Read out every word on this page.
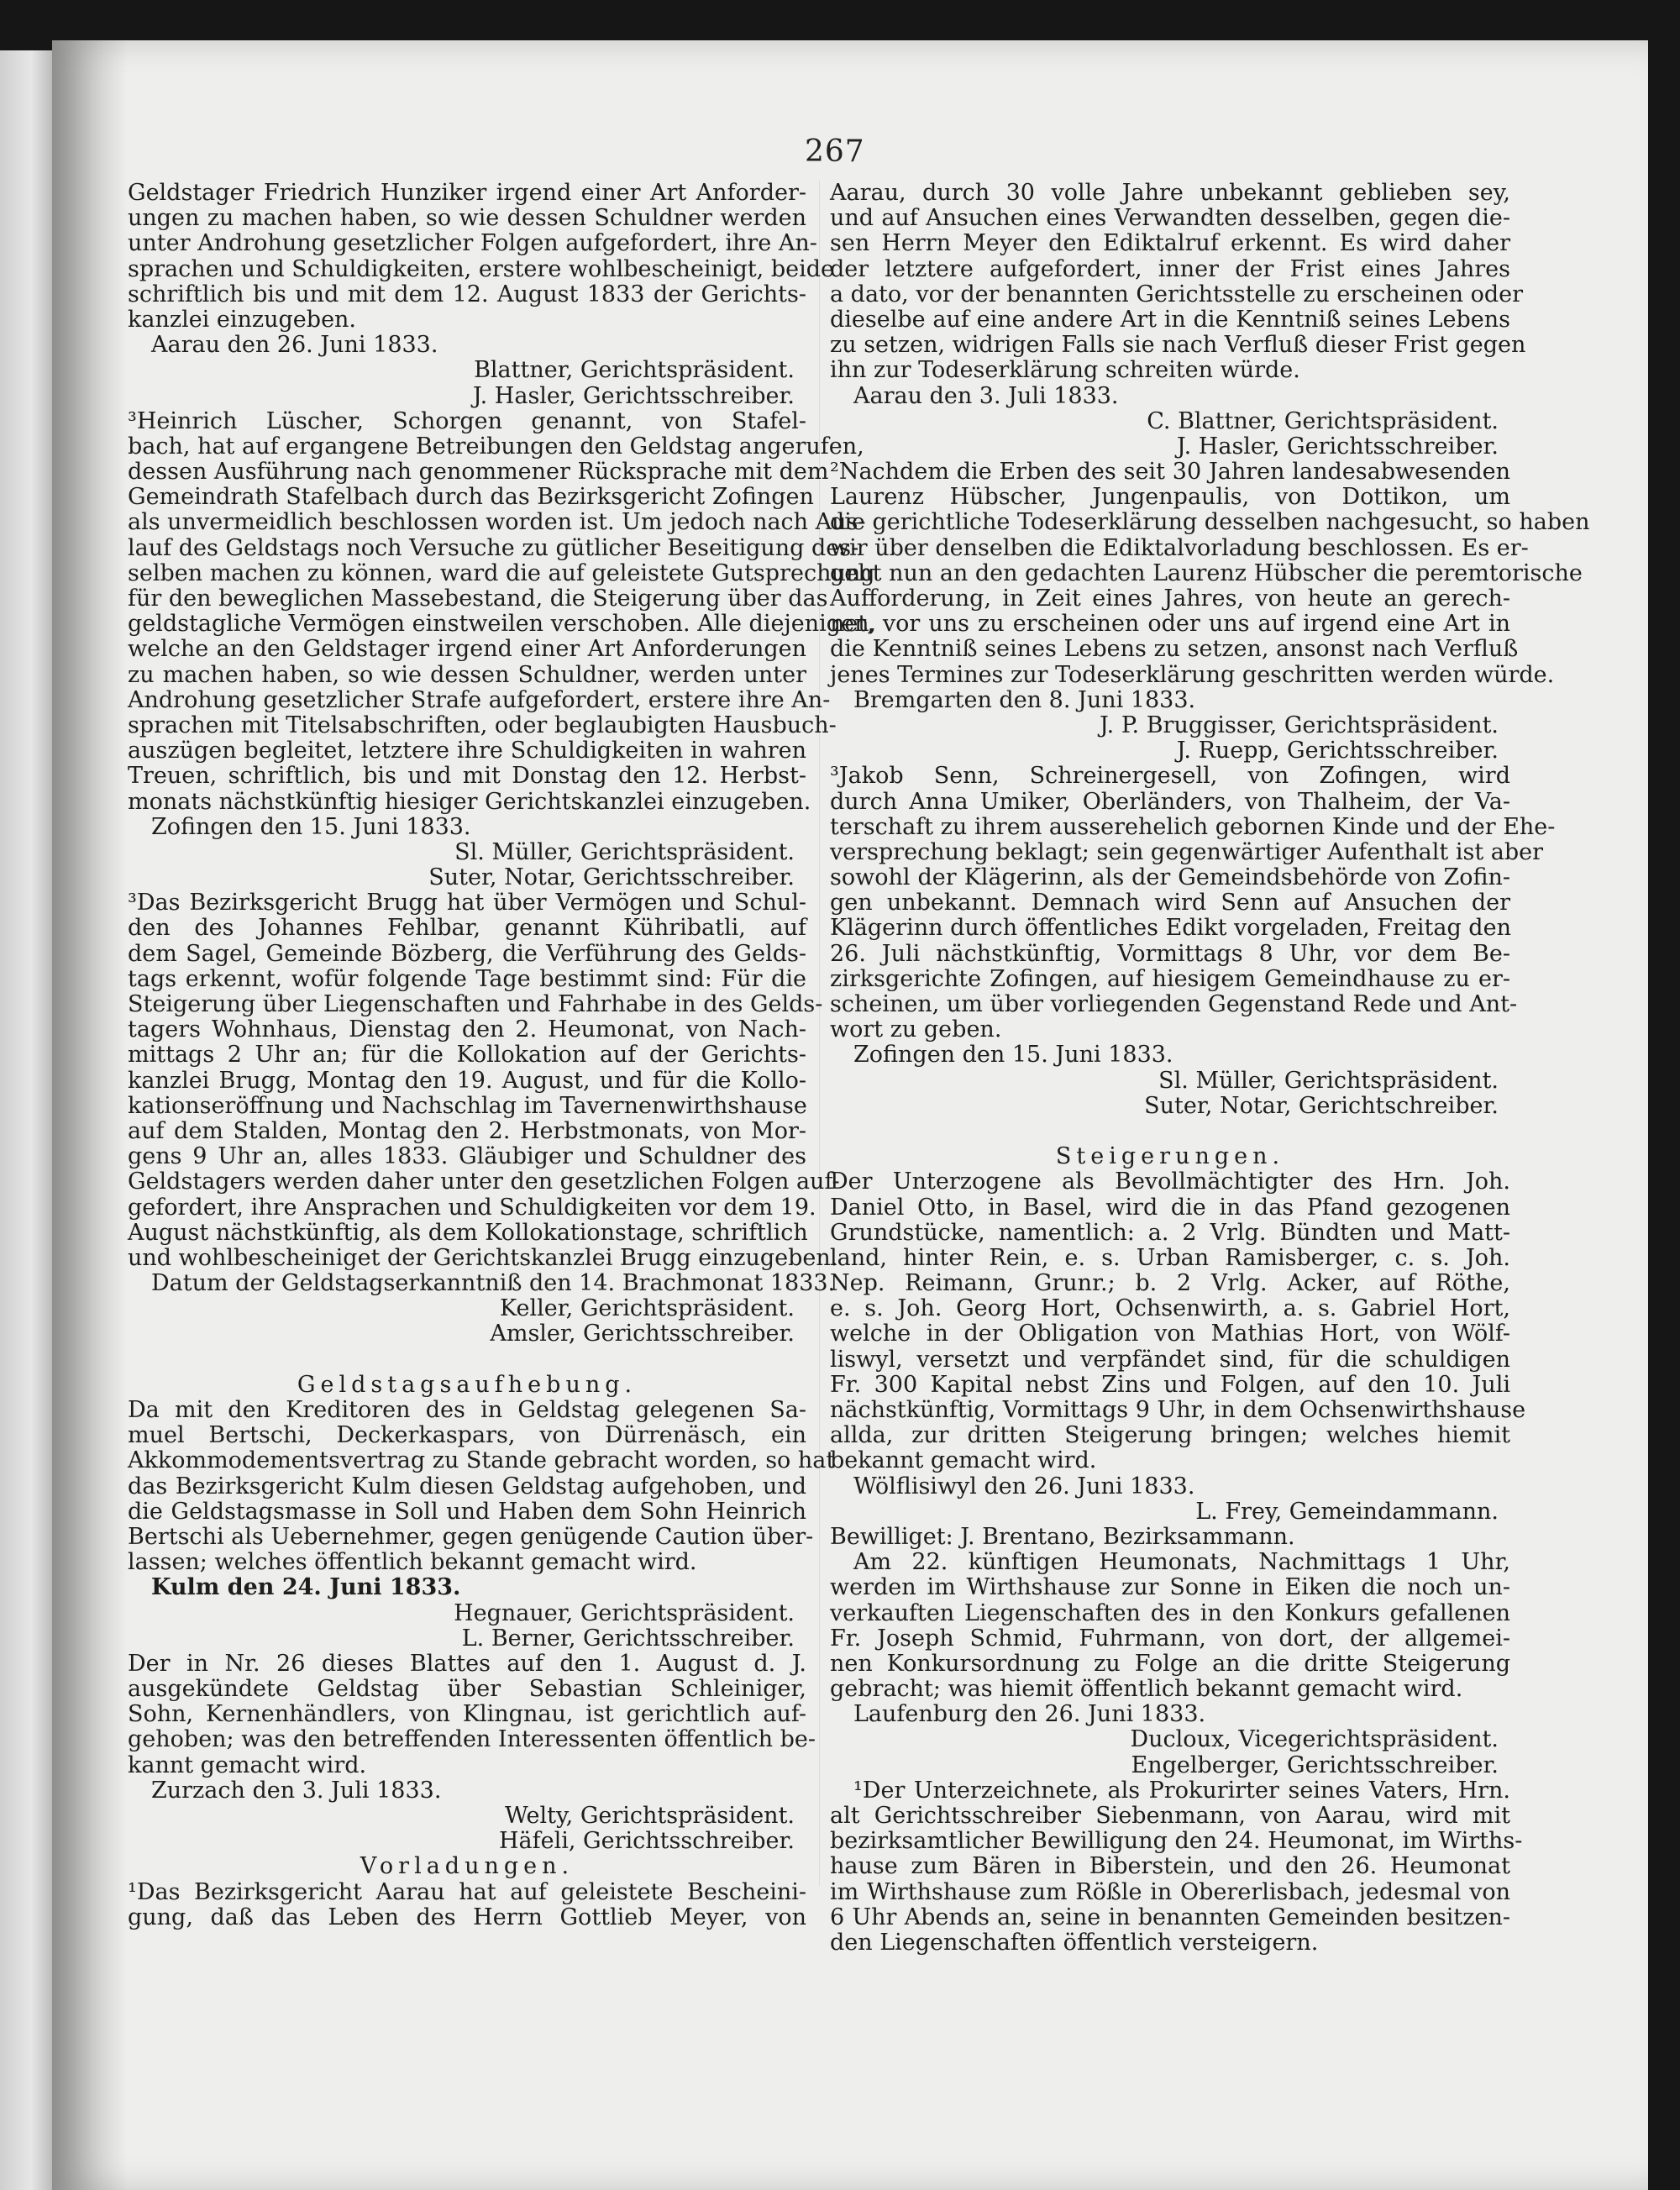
267
Geldstager Friedrich Hunziker irgend einer Art Anforder-
ungen zu machen haben, so wie dessen Schuldner werden
unter Androhung gesetzlicher Folgen aufgefordert, ihre An-
sprachen und Schuldigkeiten, erstere wohlbescheinigt, beide
schriftlich bis und mit dem 12. August 1833 der Gerichts-
kanzlei einzugeben.
Aarau den 26. Juni 1833.
Blattner, Gerichtspräsident.
J. Hasler, Gerichtsschreiber.
³Heinrich Lüscher, Schorgen genannt, von Stafel-
bach, hat auf ergangene Betreibungen den Geldstag angerufen,
dessen Ausführung nach genommener Rücksprache mit dem
Gemeindrath Stafelbach durch das Bezirksgericht Zofingen
als unvermeidlich beschlossen worden ist. Um jedoch nach Aus-
lauf des Geldstags noch Versuche zu gütlicher Beseitigung des-
selben machen zu können, ward die auf geleistete Gutsprechung
für den beweglichen Massebestand, die Steigerung über das
geldstagliche Vermögen einstweilen verschoben. Alle diejenigen,
welche an den Geldstager irgend einer Art Anforderungen
zu machen haben, so wie dessen Schuldner, werden unter
Androhung gesetzlicher Strafe aufgefordert, erstere ihre An-
sprachen mit Titelsabschriften, oder beglaubigten Hausbuch-
auszügen begleitet, letztere ihre Schuldigkeiten in wahren
Treuen, schriftlich, bis und mit Donstag den 12. Herbst-
monats nächstkünftig hiesiger Gerichtskanzlei einzugeben.
Zofingen den 15. Juni 1833.
Sl. Müller, Gerichtspräsident.
Suter, Notar, Gerichtsschreiber.
³Das Bezirksgericht Brugg hat über Vermögen und Schul-
den des Johannes Fehlbar, genannt Kühribatli, auf
dem Sagel, Gemeinde Bözberg, die Verführung des Gelds-
tags erkennt, wofür folgende Tage bestimmt sind: Für die
Steigerung über Liegenschaften und Fahrhabe in des Gelds-
tagers Wohnhaus, Dienstag den 2. Heumonat, von Nach-
mittags 2 Uhr an; für die Kollokation auf der Gerichts-
kanzlei Brugg, Montag den 19. August, und für die Kollo-
kationseröffnung und Nachschlag im Tavernenwirthshause
auf dem Stalden, Montag den 2. Herbstmonats, von Mor-
gens 9 Uhr an, alles 1833. Gläubiger und Schuldner des
Geldstagers werden daher unter den gesetzlichen Folgen auf-
gefordert, ihre Ansprachen und Schuldigkeiten vor dem 19.
August nächstkünftig, als dem Kollokationstage, schriftlich
und wohlbescheiniget der Gerichtskanzlei Brugg einzugeben.
Datum der Geldstagserkanntniß den 14. Brachmonat 1833.
Keller, Gerichtspräsident.
Amsler, Gerichtsschreiber.
Geldstagsaufhebung.
Da mit den Kreditoren des in Geldstag gelegenen Sa-
muel Bertschi, Deckerkaspars, von Dürrenäsch, ein
Akkommodementsvertrag zu Stande gebracht worden, so hat
das Bezirksgericht Kulm diesen Geldstag aufgehoben, und
die Geldstagsmasse in Soll und Haben dem Sohn Heinrich
Bertschi als Uebernehmer, gegen genügende Caution über-
lassen; welches öffentlich bekannt gemacht wird.
Kulm den 24. Juni 1833.
Hegnauer, Gerichtspräsident.
L. Berner, Gerichtsschreiber.
Der in Nr. 26 dieses Blattes auf den 1. August d. J.
ausgekündete Geldstag über Sebastian Schleiniger,
Sohn, Kernenhändlers, von Klingnau, ist gerichtlich auf-
gehoben; was den betreffenden Interessenten öffentlich be-
kannt gemacht wird.
Zurzach den 3. Juli 1833.
Welty, Gerichtspräsident.
Häfeli, Gerichtsschreiber.
Vorladungen.
¹Das Bezirksgericht Aarau hat auf geleistete Bescheini-
gung, daß das Leben des Herrn Gottlieb Meyer, von
Aarau, durch 30 volle Jahre unbekannt geblieben sey,
und auf Ansuchen eines Verwandten desselben, gegen die-
sen Herrn Meyer den Ediktalruf erkennt. Es wird daher
der letztere aufgefordert, inner der Frist eines Jahres
a dato, vor der benannten Gerichtsstelle zu erscheinen oder
dieselbe auf eine andere Art in die Kenntniß seines Lebens
zu setzen, widrigen Falls sie nach Verfluß dieser Frist gegen
ihn zur Todeserklärung schreiten würde.
Aarau den 3. Juli 1833.
C. Blattner, Gerichtspräsident.
J. Hasler, Gerichtsschreiber.
²Nachdem die Erben des seit 30 Jahren landesabwesenden
Laurenz Hübscher, Jungenpaulis, von Dottikon, um
die gerichtliche Todeserklärung desselben nachgesucht, so haben
wir über denselben die Ediktalvorladung beschlossen. Es er-
geht nun an den gedachten Laurenz Hübscher die peremtorische
Aufforderung, in Zeit eines Jahres, von heute an gerech-
net, vor uns zu erscheinen oder uns auf irgend eine Art in
die Kenntniß seines Lebens zu setzen, ansonst nach Verfluß
jenes Termines zur Todeserklärung geschritten werden würde.
Bremgarten den 8. Juni 1833.
J. P. Bruggisser, Gerichtspräsident.
J. Ruepp, Gerichtsschreiber.
³Jakob Senn, Schreinergesell, von Zofingen, wird
durch Anna Umiker, Oberländers, von Thalheim, der Va-
terschaft zu ihrem ausserehelich gebornen Kinde und der Ehe-
versprechung beklagt; sein gegenwärtiger Aufenthalt ist aber
sowohl der Klägerinn, als der Gemeindsbehörde von Zofin-
gen unbekannt. Demnach wird Senn auf Ansuchen der
Klägerinn durch öffentliches Edikt vorgeladen, Freitag den
26. Juli nächstkünftig, Vormittags 8 Uhr, vor dem Be-
zirksgerichte Zofingen, auf hiesigem Gemeindhause zu er-
scheinen, um über vorliegenden Gegenstand Rede und Ant-
wort zu geben.
Zofingen den 15. Juni 1833.
Sl. Müller, Gerichtspräsident.
Suter, Notar, Gerichtschreiber.
Steigerungen.
Der Unterzogene als Bevollmächtigter des Hrn. Joh.
Daniel Otto, in Basel, wird die in das Pfand gezogenen
Grundstücke, namentlich: a. 2 Vrlg. Bündten und Matt-
land, hinter Rein, e. s. Urban Ramisberger, c. s. Joh.
Nep. Reimann, Grunr.; b. 2 Vrlg. Acker, auf Röthe,
e. s. Joh. Georg Hort, Ochsenwirth, a. s. Gabriel Hort,
welche in der Obligation von Mathias Hort, von Wölf-
liswyl, versetzt und verpfändet sind, für die schuldigen
Fr. 300 Kapital nebst Zins und Folgen, auf den 10. Juli
nächstkünftig, Vormittags 9 Uhr, in dem Ochsenwirthshause
allda, zur dritten Steigerung bringen; welches hiemit
bekannt gemacht wird.
Wölflisiwyl den 26. Juni 1833.
L. Frey, Gemeindammann.
Bewilliget: J. Brentano, Bezirksammann.
Am 22. künftigen Heumonats, Nachmittags 1 Uhr,
werden im Wirthshause zur Sonne in Eiken die noch un-
verkauften Liegenschaften des in den Konkurs gefallenen
Fr. Joseph Schmid, Fuhrmann, von dort, der allgemei-
nen Konkursordnung zu Folge an die dritte Steigerung
gebracht; was hiemit öffentlich bekannt gemacht wird.
Laufenburg den 26. Juni 1833.
Ducloux, Vicegerichtspräsident.
Engelberger, Gerichtsschreiber.
¹Der Unterzeichnete, als Prokurirter seines Vaters, Hrn.
alt Gerichtsschreiber Siebenmann, von Aarau, wird mit
bezirksamtlicher Bewilligung den 24. Heumonat, im Wirths-
hause zum Bären in Biberstein, und den 26. Heumonat
im Wirthshause zum Rößle in Obererlisbach, jedesmal von
6 Uhr Abends an, seine in benannten Gemeinden besitzen-
den Liegenschaften öffentlich versteigern.
